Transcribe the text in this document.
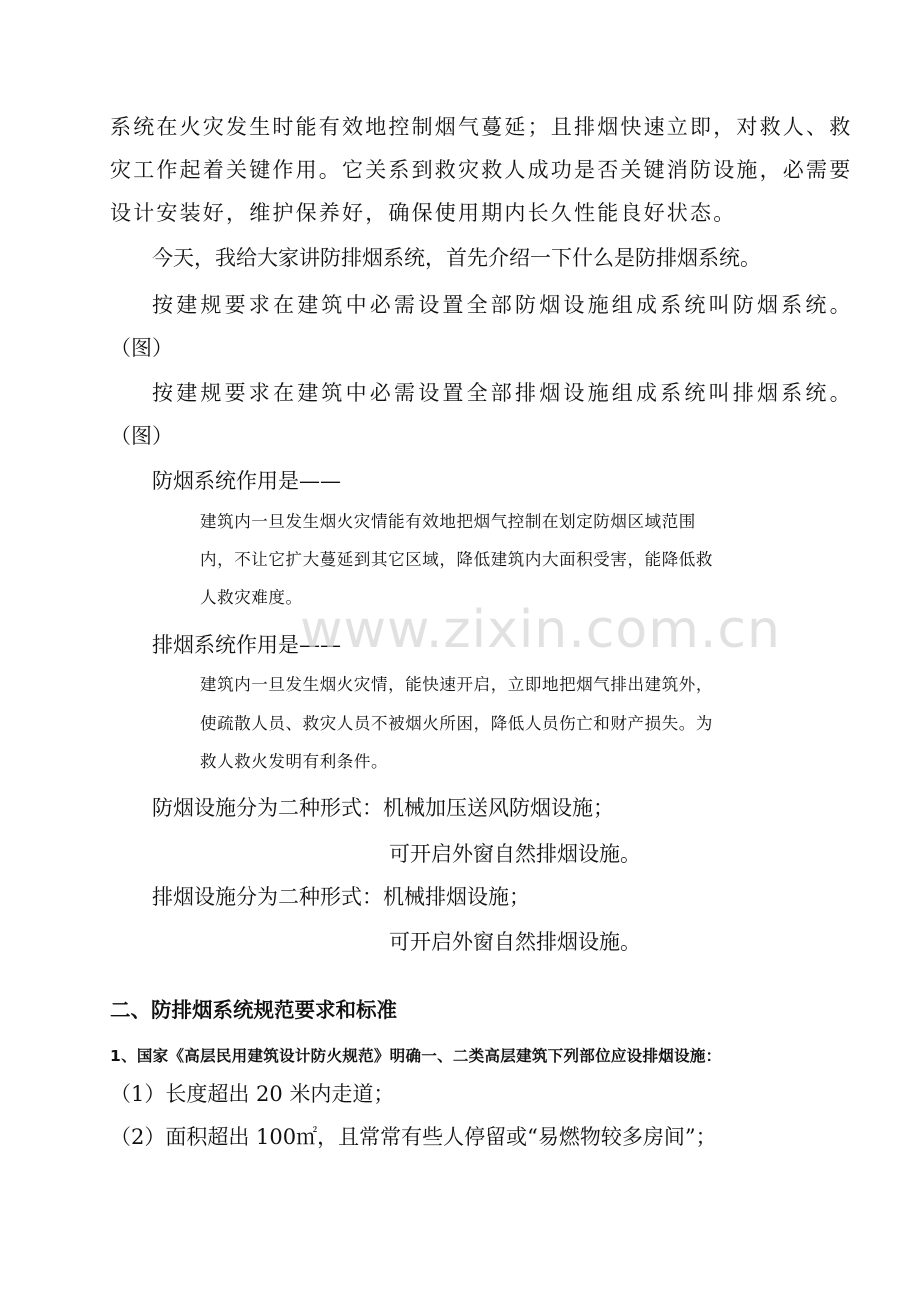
系统在火灾发生时能有效地控制烟气蔓延；且排烟快速立即，对救人、救

灾工作起着关键作用。它关系到救灾救人成功是否关键消防设施，必需要

设计安装好，维护保养好，确保使用期内长久性能良好状态。

今天，我给大家讲防排烟系统，首先介绍一下什么是防排烟系统。

按建规要求在建筑中必需设置全部防烟设施组成系统叫防烟系统。

（图）

按建规要求在建筑中必需设置全部排烟设施组成系统叫排烟系统。

（图）

防烟系统作用是——

建筑内一旦发生烟火灾情能有效地把烟气控制在划定防烟区域范围

内，不让它扩大蔓延到其它区域，降低建筑内大面积受害，能降低救

人救灾难度。

排烟系统作用是——

建筑内一旦发生烟火灾情，能快速开启，立即地把烟气排出建筑外，

使疏散人员、救灾人员不被烟火所困，降低人员伤亡和财产损失。为

救人救火发明有利条件。

防烟设施分为二种形式：机械加压送风防烟设施；

可开启外窗自然排烟设施。

排烟设施分为二种形式：机械排烟设施；

可开启外窗自然排烟设施。

二、防排烟系统规范要求和标准

1、国家《高层民用建筑设计防火规范》明确一、二类高层建筑下列部位应设排烟设施：

（1）长度超出 20 米内走道；

（2）面积超出 100㎡，且常常有些人停留或“易燃物较多房间”；

www.zixin.com.cn
